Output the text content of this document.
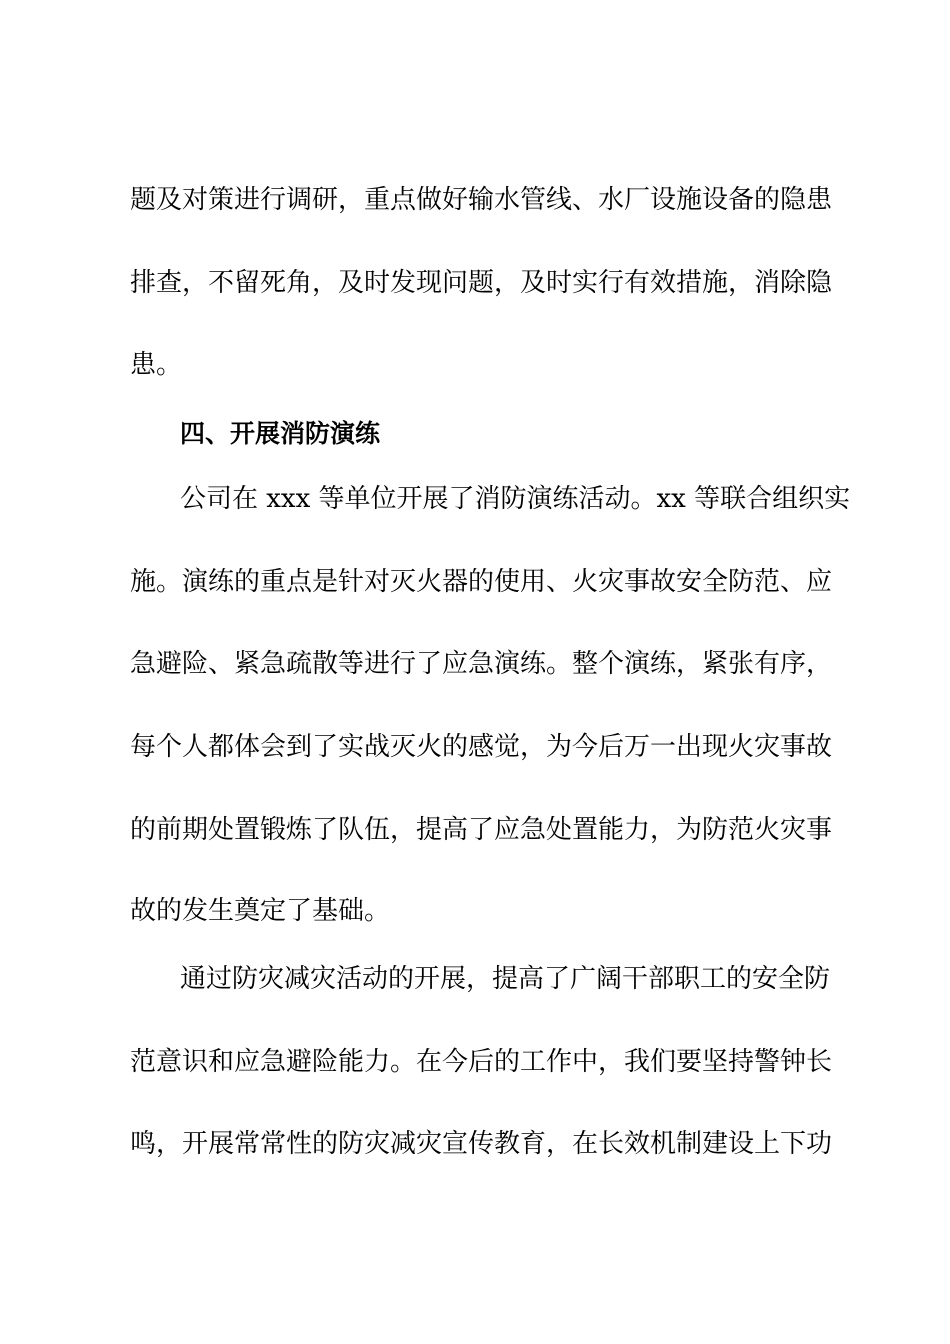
题及对策进行调研，重点做好输水管线、水厂设施设备的隐患
排查，不留死角，及时发现问题，及时实行有效措施，消除隐
患。
四、开展消防演练
公司在 xxx 等单位开展了消防演练活动。xx 等联合组织实
施。演练的重点是针对灭火器的使用、火灾事故安全防范、应
急避险、紧急疏散等进行了应急演练。整个演练，紧张有序，
每个人都体会到了实战灭火的感觉，为今后万一出现火灾事故
的前期处置锻炼了队伍，提高了应急处置能力，为防范火灾事
故的发生奠定了基础。
通过防灾减灾活动的开展，提高了广阔干部职工的安全防
范意识和应急避险能力。在今后的工作中，我们要坚持警钟长
鸣，开展常常性的防灾减灾宣传教育，在长效机制建设上下功
